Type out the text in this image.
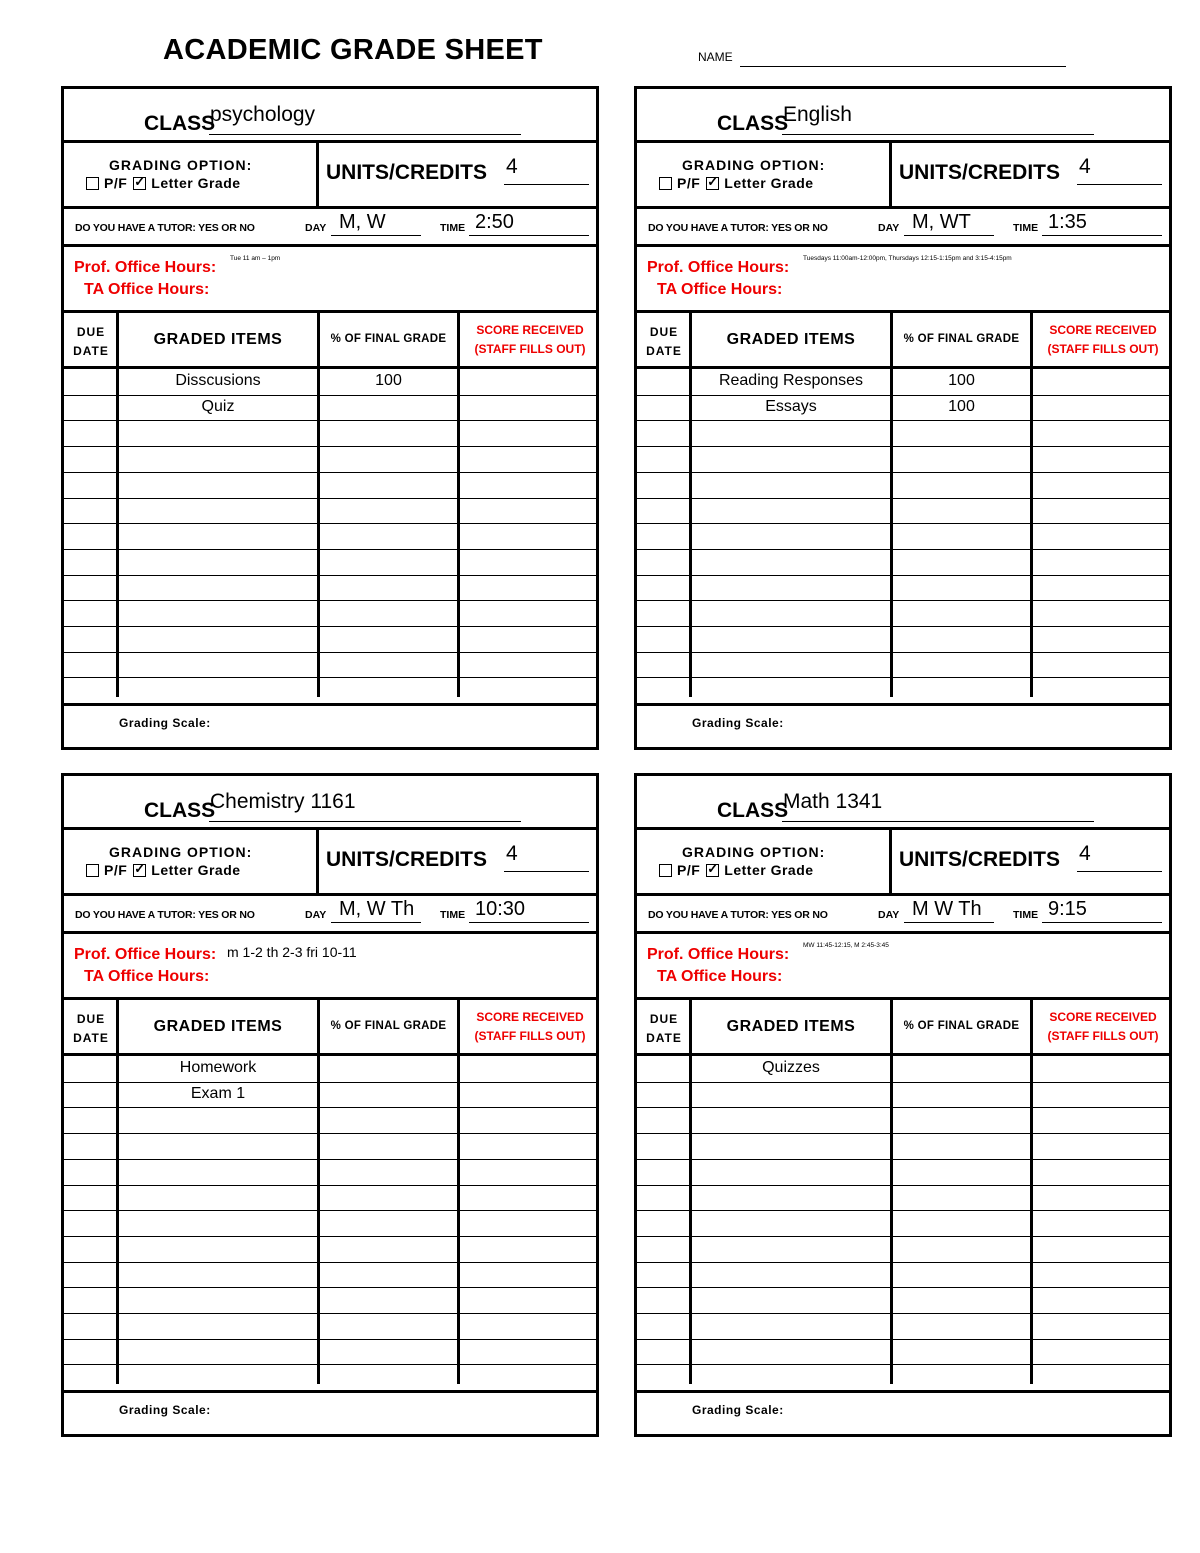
ACADEMIC GRADE SHEET	NAME
CLASS
psychology
GRADING OPTION:
P/F ✓ Letter Grade	UNITS/CREDITS 4
DO YOU HAVE A TUTOR: YES OR NO	DAY M, W	TIME 2:50
Prof. Office Hours:
Tue 11 am – 1pm
TA Office Hours:
DUE
DATE
GRADED ITEMS	% OF FINAL GRADE
SCORE RECEIVED
(STAFF FILLS OUT)
Disscusions	100
Quiz
Grading Scale:
CLASS
English
GRADING OPTION:
P/F ✓ Letter Grade	UNITS/CREDITS 4
DO YOU HAVE A TUTOR: YES OR NO	DAY M, WT	TIME 1:35
Prof. Office Hours:
Tuesdays 11:00am-12:00pm, Thursdays 12:15-1:15pm and 3:15-4:15pm
TA Office Hours:
DUE
DATE
GRADED ITEMS	% OF FINAL GRADE
SCORE RECEIVED
(STAFF FILLS OUT)
Reading Responses	100
Essays	100
Grading Scale:
CLASS
Chemistry 1161
GRADING OPTION:
P/F ✓ Letter Grade	UNITS/CREDITS 4
DO YOU HAVE A TUTOR: YES OR NO	DAY M, W Th TIME 10:30
Prof. Office Hours: m 1-2 th 2-3 fri 10-11
TA Office Hours:
DUE
DATE
GRADED ITEMS	% OF FINAL GRADE
SCORE RECEIVED
(STAFF FILLS OUT)
Homework
Exam 1
Grading Scale:
CLASS
Math 1341
GRADING OPTION:
P/F ✓ Letter Grade	UNITS/CREDITS 4
DO YOU HAVE A TUTOR: YES OR NO	DAY M W Th	TIME 9:15
Prof. Office Hours:
MW 11:45-12:15, M 2:45-3:45
TA Office Hours:
DUE
DATE
GRADED ITEMS	% OF FINAL GRADE
SCORE RECEIVED
(STAFF FILLS OUT)
Quizzes
Grading Scale:
